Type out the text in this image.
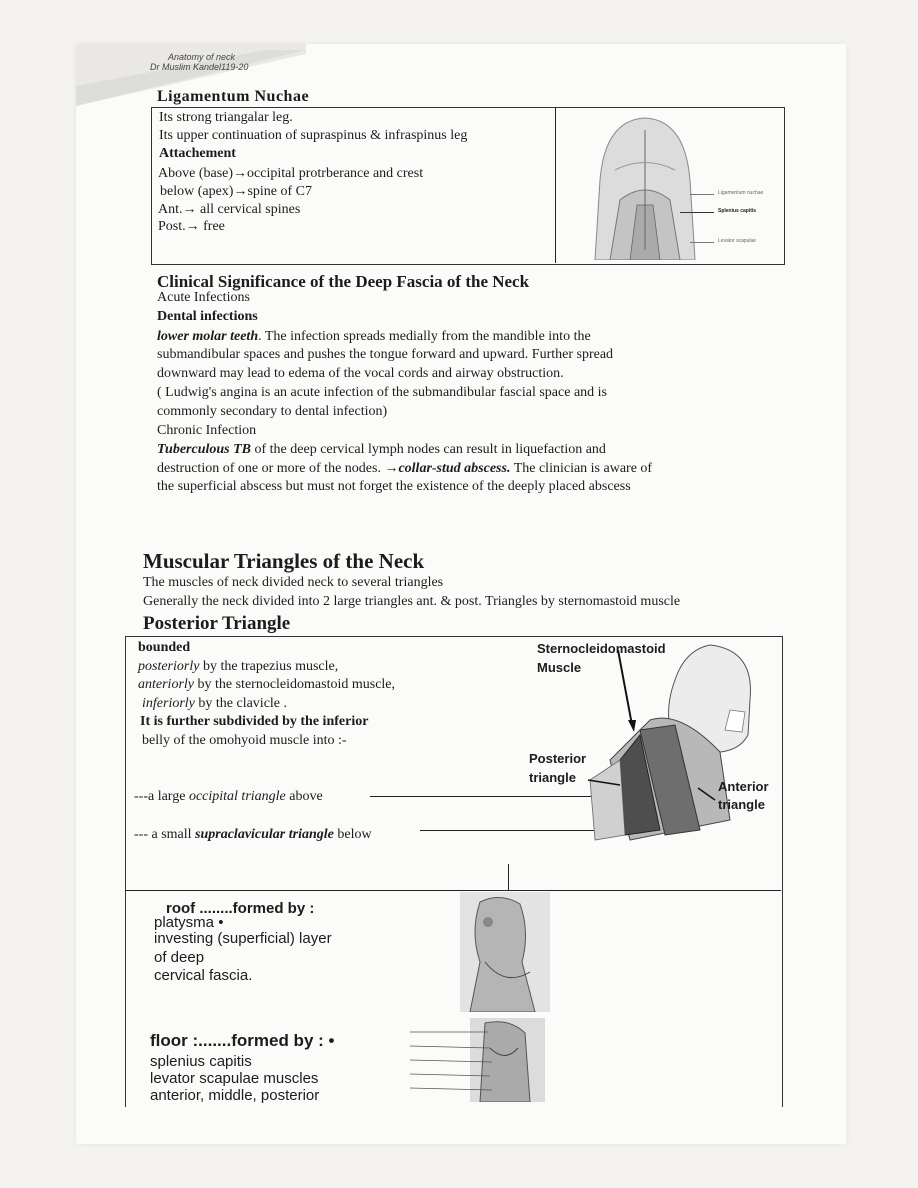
Anatomy of neck
Dr Muslim Kandel119-20
Ligamentum Nuchae
Its strong triangalar leg.
Its upper continuation of supraspinus & infraspinus leg
Attachement
Above (base)→occipital protrberance and crest
below (apex)→spine of C7
Ant.→ all cervical spines
Post.→ free
Ligamentum nuchae
Splenius capitis
Levator scapulae
Clinical Significance of the Deep Fascia of the Neck
Acute Infections
Dental infections
lower molar teeth. The infection spreads medially from the mandible into the
submandibular spaces and pushes the tongue forward and upward. Further spread
downward may lead to edema of the vocal cords and airway obstruction.
( Ludwig's angina is an acute infection of the submandibular fascial space and is
commonly secondary to dental infection)
Chronic Infection
Tuberculous TB of the deep cervical lymph nodes can result in liquefaction and
destruction of one or more of the nodes. →collar-stud abscess. The clinician is aware of
the superficial abscess but must not forget the existence of the deeply placed abscess
Muscular Triangles of the Neck
The muscles of neck divided neck to several triangles
Generally the neck divided into 2 large triangles ant. & post. Triangles by sternomastoid muscle
Posterior Triangle
bounded
posteriorly by the trapezius muscle,
anteriorly by the sternocleidomastoid muscle,
inferiorly by the clavicle .
It is further subdivided by the inferior
belly of the omohyoid muscle into :-
---a large occipital triangle above
--- a small supraclavicular triangle below
Sternocleidomastoid
Muscle
Posterior
triangle
Anterior
triangle
roof ........formed by :
platysma •
investing (superficial) layer
of deep
cervical fascia.
floor :.......formed by : •
splenius capitis
levator scapulae muscles
anterior, middle, posterior
